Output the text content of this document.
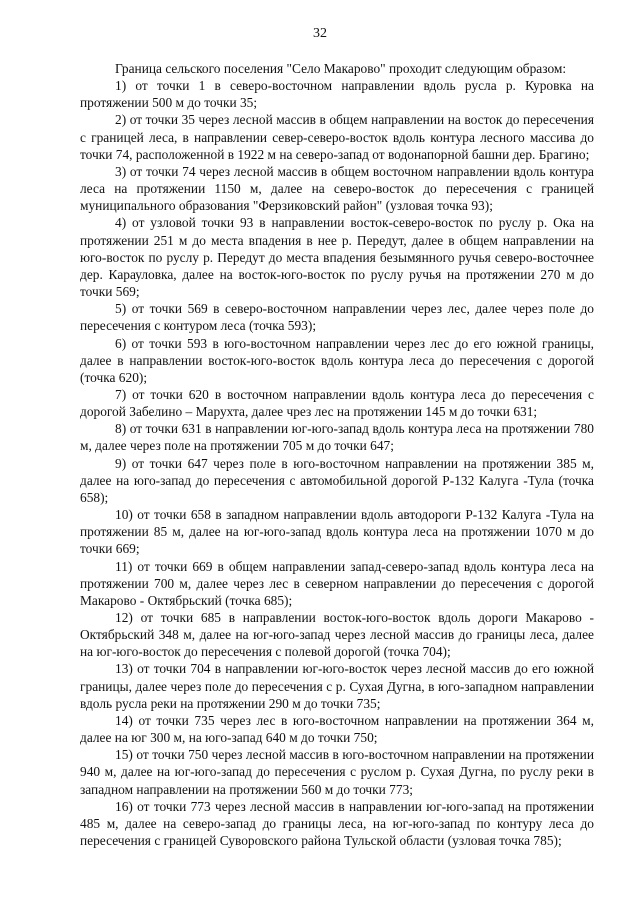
32

Граница сельского поселения "Село Макарово" проходит следующим образом:

1) от точки 1 в северо-восточном направлении вдоль русла р. Куровка на протяжении 500 м до точки 35;

2) от точки 35 через лесной массив в общем направлении на восток до пересечения с границей леса, в направлении север-северо-восток вдоль контура лесного массива до точки 74, расположенной в 1922 м на северо-запад от водонапорной башни дер. Брагино;

3) от точки 74 через лесной массив в общем восточном направлении вдоль контура леса на протяжении 1150 м, далее на северо-восток до пересечения с границей муниципального образования "Ферзиковский район" (узловая точка 93);

4) от узловой точки 93 в направлении восток-северо-восток по руслу р. Ока на протяжении 251 м до места впадения в нее р. Передут, далее в общем направлении на юго-восток по руслу р. Передут до места впадения безымянного ручья северо-восточнее дер. Карауловка, далее на восток-юго-восток по руслу ручья на протяжении 270 м до точки 569;

5) от точки 569 в северо-восточном направлении через лес, далее через поле до пересечения с контуром леса (точка 593);

6) от точки 593 в юго-восточном направлении через лес до его южной границы, далее в направлении восток-юго-восток вдоль контура леса до пересечения с дорогой (точка 620);

7) от точки 620 в восточном направлении вдоль контура леса до пересечения с дорогой Забелино – Марухта, далее чрез лес на протяжении 145 м до точки 631;

8) от точки 631 в направлении юг-юго-запад вдоль контура леса на протяжении 780 м, далее через поле на протяжении 705 м до точки 647;

9) от точки 647 через поле в юго-восточном направлении на протяжении 385 м, далее на юго-запад до пересечения с автомобильной дорогой Р-132 Калуга -Тула (точка 658);

10) от точки 658 в западном направлении вдоль автодороги Р-132 Калуга -Тула на протяжении 85 м, далее на юг-юго-запад вдоль контура леса на протяжении 1070 м до точки 669;

11) от точки 669 в общем направлении запад-северо-запад вдоль контура леса на протяжении 700 м, далее через лес в северном направлении до пересечения с дорогой Макарово - Октябрьский (точка 685);

12) от точки 685 в направлении восток-юго-восток вдоль дороги Макарово - Октябрьский 348 м, далее на юг-юго-запад через лесной массив до границы леса, далее на юг-юго-восток до пересечения с полевой дорогой (точка 704);

13) от точки 704 в направлении юг-юго-восток через лесной массив до его южной границы, далее через поле до пересечения с р. Сухая Дугна, в юго-западном направлении вдоль русла реки на протяжении 290 м до точки 735;

14) от точки 735 через лес в юго-восточном направлении на протяжении 364 м, далее на юг 300 м, на юго-запад 640 м до точки 750;

15) от точки 750 через лесной массив в юго-восточном направлении на протяжении 940 м, далее на юг-юго-запад до пересечения с руслом р. Сухая Дугна, по руслу реки в западном направлении на протяжении 560 м до точки 773;

16) от точки 773 через лесной массив в направлении юг-юго-запад на протяжении 485 м, далее на северо-запад до границы леса, на юг-юго-запад по контуру леса до пересечения с границей Суворовского района Тульской области (узловая точка 785);
